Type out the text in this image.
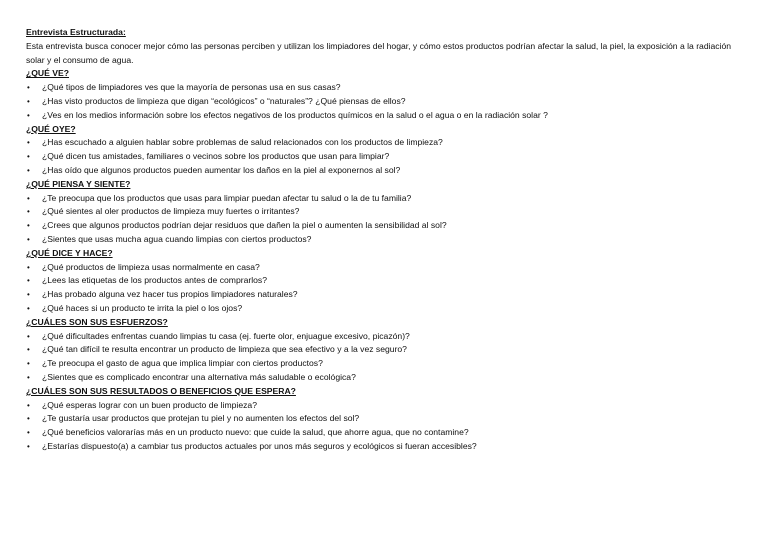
Entrevista Estructurada:

Esta entrevista busca conocer mejor cómo las personas perciben y utilizan los limpiadores del hogar, y cómo estos productos podrían afectar la salud, la piel, la exposición a la radiación solar y el consumo de agua.

¿QUÉ VE?

• ¿Qué tipos de limpiadores ves que la mayoría de personas usa en sus casas?
• ¿Has visto productos de limpieza que digan “ecológicos” o “naturales”? ¿Qué piensas de ellos?
• ¿Ves en los medios información sobre los efectos negativos de los productos químicos en la salud o el agua o en la radiación solar ?

¿QUÉ OYE?

• ¿Has escuchado a alguien hablar sobre problemas de salud relacionados con los productos de limpieza?
• ¿Qué dicen tus amistades, familiares o vecinos sobre los productos que usan para limpiar?
• ¿Has oído que algunos productos pueden aumentar los daños en la piel al exponernos al sol?

¿QUÉ PIENSA Y SIENTE?

• ¿Te preocupa que los productos que usas para limpiar puedan afectar tu salud o la de tu familia?
• ¿Qué sientes al oler productos de limpieza muy fuertes o irritantes?
• ¿Crees que algunos productos podrían dejar residuos que dañen la piel o aumenten la sensibilidad al sol?
• ¿Sientes que usas mucha agua cuando limpias con ciertos productos?

¿QUÉ DICE Y HACE?

• ¿Qué productos de limpieza usas normalmente en casa?
• ¿Lees las etiquetas de los productos antes de comprarlos?
• ¿Has probado alguna vez hacer tus propios limpiadores naturales?
• ¿Qué haces si un producto te irrita la piel o los ojos?

¿CUÁLES SON SUS ESFUERZOS?

• ¿Qué dificultades enfrentas cuando limpias tu casa (ej. fuerte olor, enjuague excesivo, picazón)?
• ¿Qué tan difícil te resulta encontrar un producto de limpieza que sea efectivo y a la vez seguro?
• ¿Te preocupa el gasto de agua que implica limpiar con ciertos productos?
• ¿Sientes que es complicado encontrar una alternativa más saludable o ecológica?

¿CUÁLES SON SUS RESULTADOS O BENEFICIOS QUE ESPERA?

• ¿Qué esperas lograr con un buen producto de limpieza?
• ¿Te gustaría usar productos que protejan tu piel y no aumenten los efectos del sol?
• ¿Qué beneficios valorarías más en un producto nuevo: que cuide la salud, que ahorre agua, que no contamine?
• ¿Estarías dispuesto(a) a cambiar tus productos actuales por unos más seguros y ecológicos si fueran accesibles?
